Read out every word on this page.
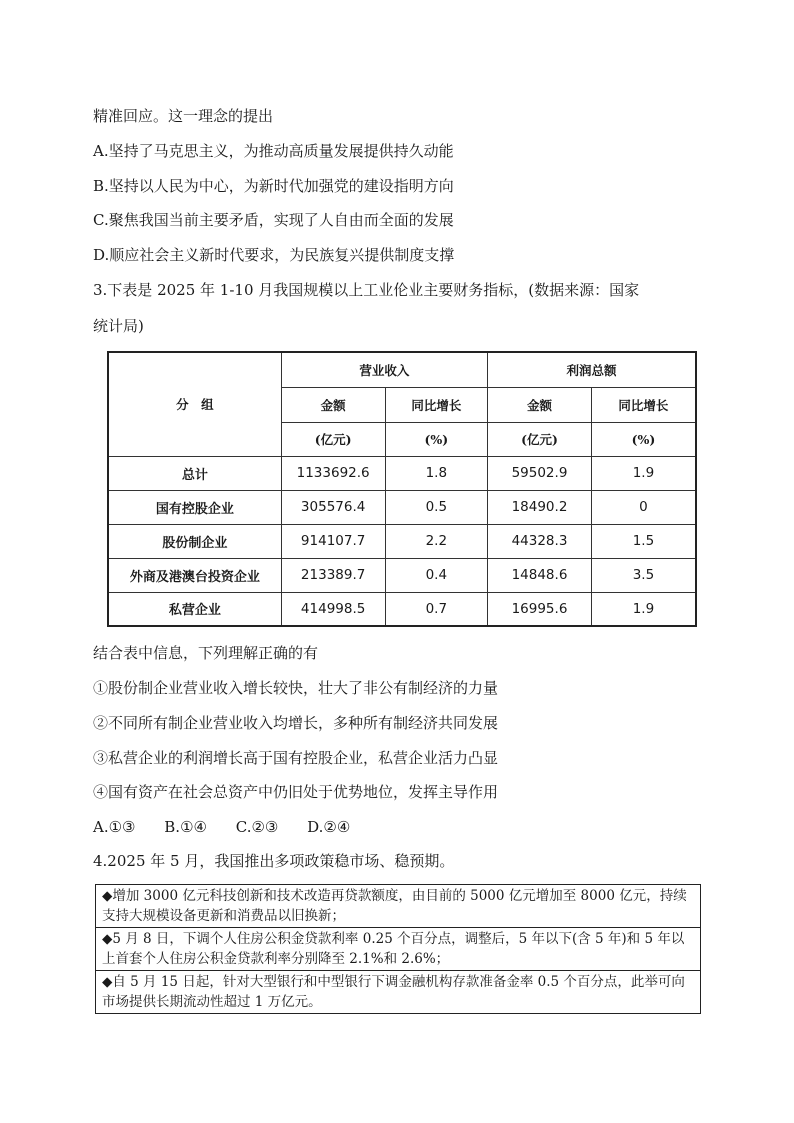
精准回应。这一理念的提出
A.坚持了马克思主义，为推动高质量发展提供持久动能
B.坚持以人民为中心，为新时代加强党的建设指明方向
C.聚焦我国当前主要矛盾，实现了人自由而全面的发展
D.顺应社会主义新时代要求，为民族复兴提供制度支撑
3.下表是 2025 年 1-10 月我国规模以上工业伦业主要财务指标，(数据来源：国家
统计局)
分　组	营业收入		利润总额	
	金额	同比增长	金额	同比增长
	(亿元)	(%)	(亿元)	(%)
总计	1133692.6	1.8	59502.9	1.9
国有控股企业	305576.4	0.5	18490.2	0
股份制企业	914107.7	2.2	44328.3	1.5
外商及港澳台投资企业	213389.7	0.4	14848.6	3.5
私营企业	414998.5	0.7	16995.6	1.9
结合表中信息，下列理解正确的有
①股份制企业营业收入增长较快，壮大了非公有制经济的力量
②不同所有制企业营业收入均增长，多种所有制经济共同发展
③私营企业的利润增长高于国有控股企业，私营企业活力凸显
④国有资产在社会总资产中仍旧处于优势地位，发挥主导作用
A.①③ B.①④ C.②③ D.②④
4.2025 年 5 月，我国推出多项政策稳市场、稳预期。
◆增加 3000 亿元科技创新和技术改造再贷款额度，由目前的 5000 亿元增加至 8000 亿元，持续支持大规模设备更新和消费品以旧换新；
◆5 月 8 日，下调个人住房公积金贷款利率 0.25 个百分点，调整后，5 年以下(含 5 年)和 5 年以上首套个人住房公积金贷款利率分别降至 2.1%和 2.6%；
◆自 5 月 15 日起，针对大型银行和中型银行下调金融机构存款准备金率 0.5 个百分点，此举可向市场提供长期流动性超过 1 万亿元。
